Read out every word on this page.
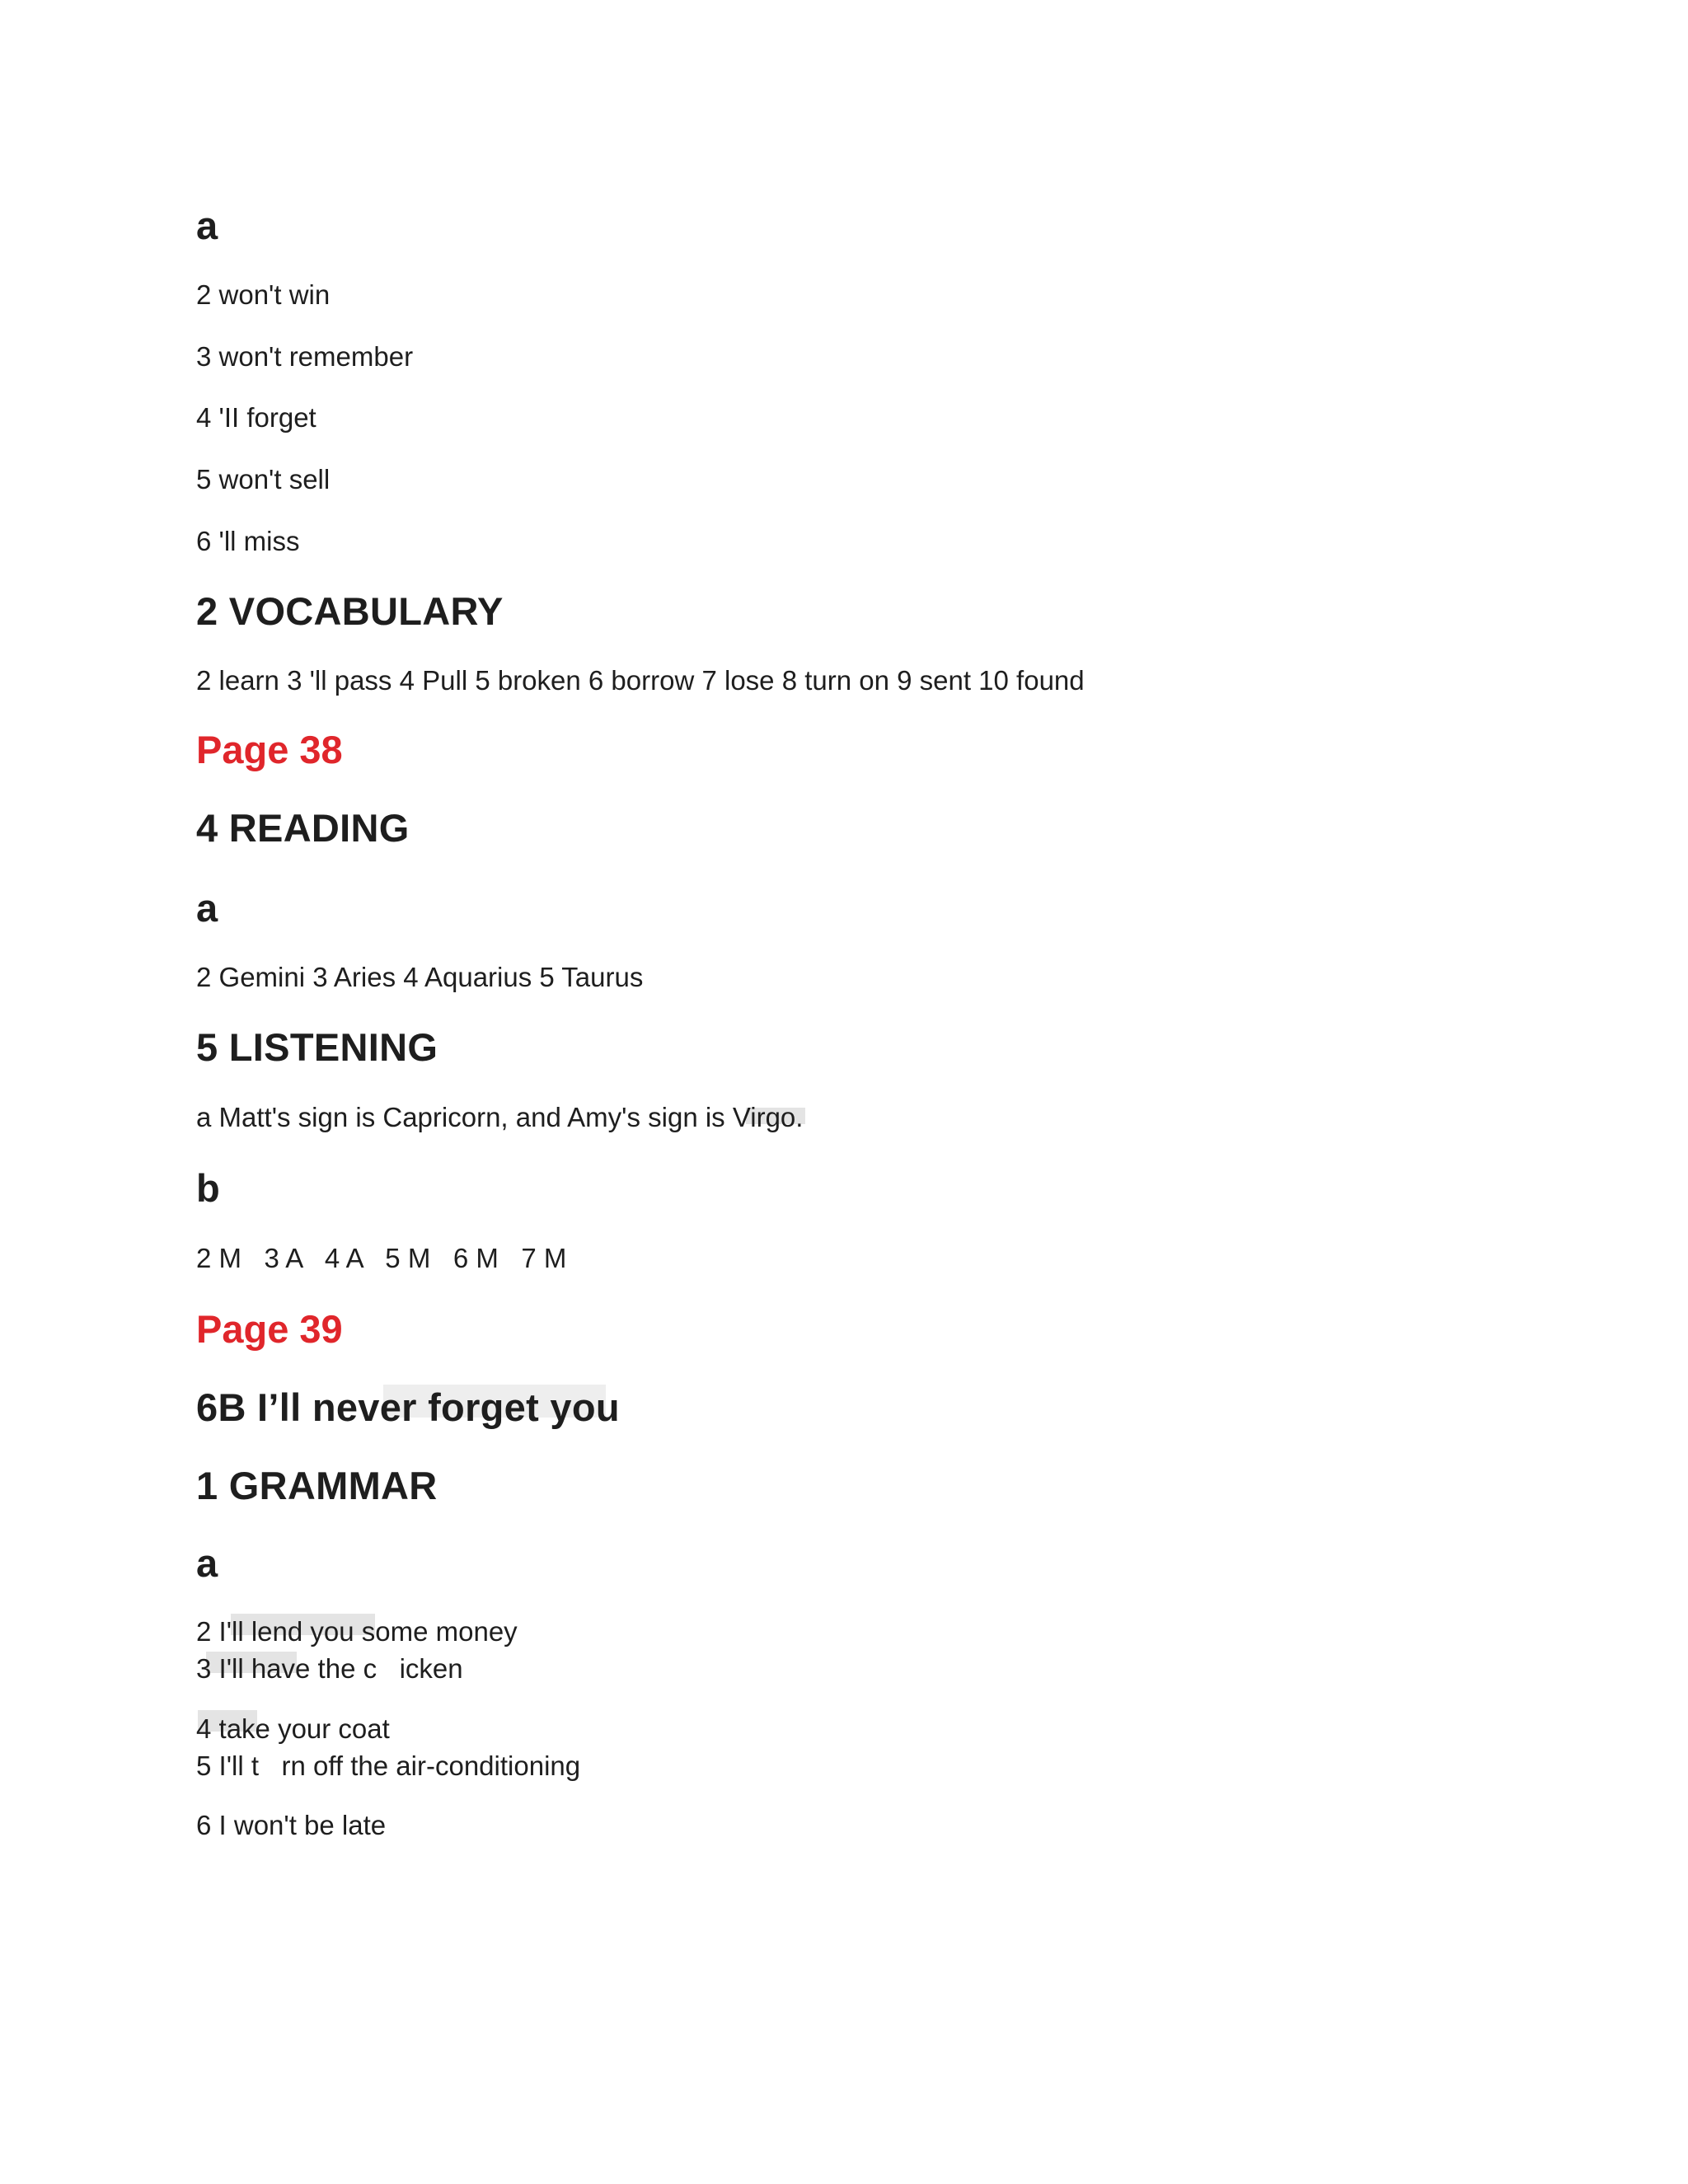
a
2 won't win
3 won't remember
4 'II forget
5 won't sell
6 'll miss
2 VOCABULARY
2 learn 3 'll pass 4 Pull 5 broken 6 borrow 7 lose 8 turn on 9 sent 10 found
Page 38
4 READING
a
2 Gemini 3 Aries 4 Aquarius 5 Taurus
5 LISTENING
a Matt's sign is Capricorn, and Amy's sign is Virgo.
b
2 M   3 A   4 A   5 M   6 M   7 M
Page 39
6B I’ll never forget you
1 GRAMMAR
a
2 I'll lend you some money
3 I'll have the c   icken
4 take your coat
5 I'll t   rn off the air-conditioning
6 I won't be late
